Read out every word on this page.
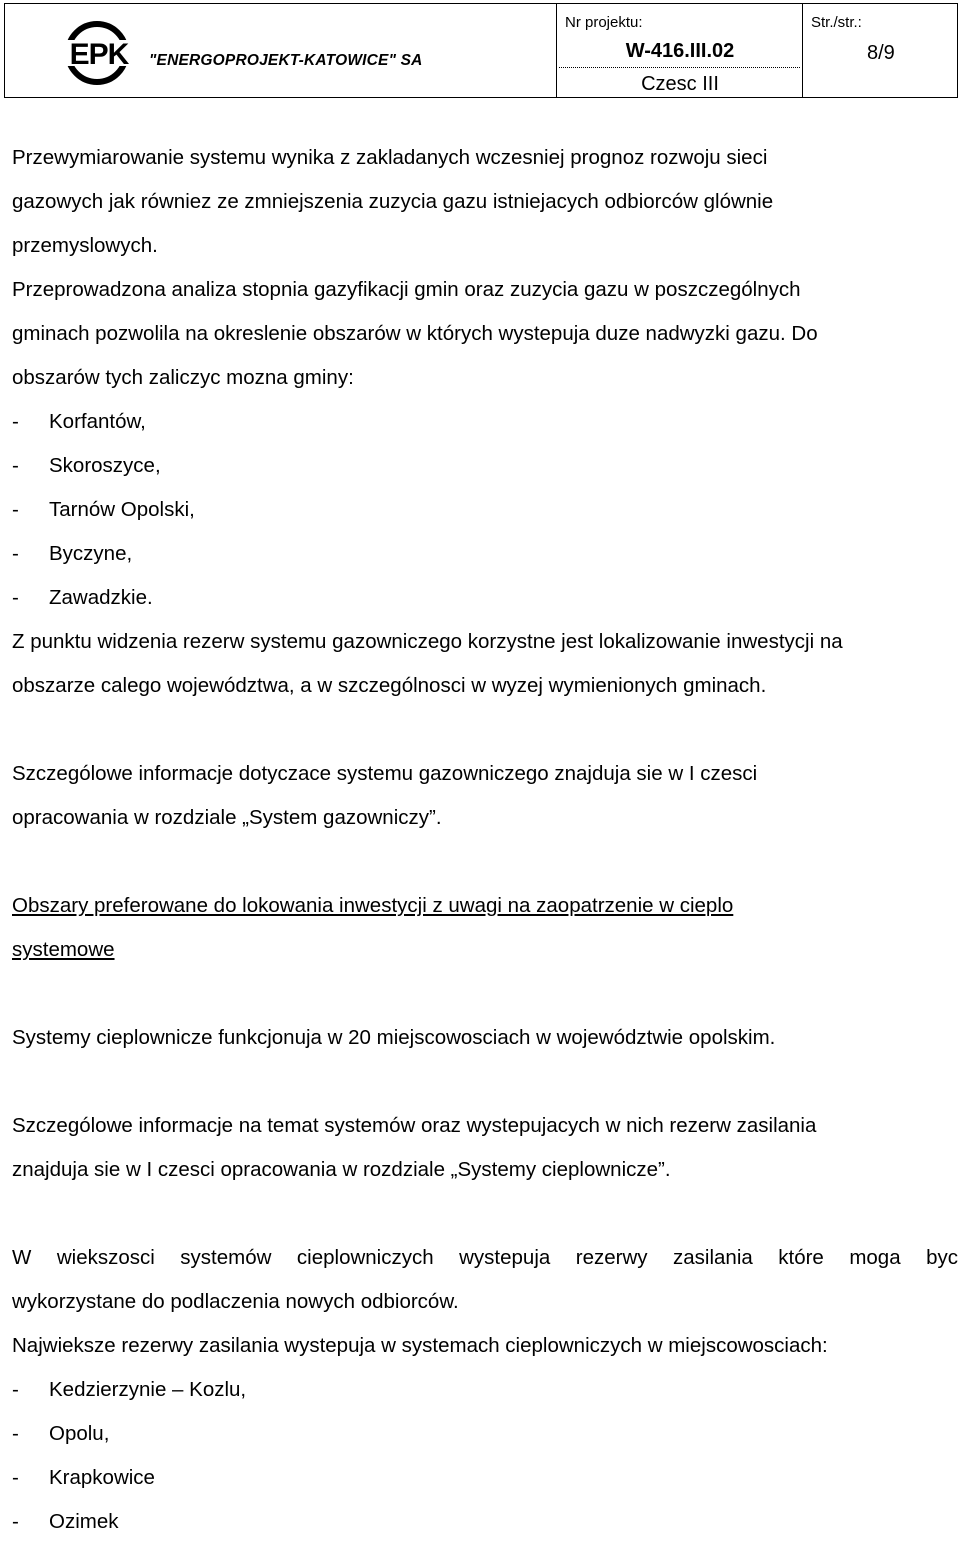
EPK "ENERGOPROJEKT-KATOWICE" SA
Nr projektu:
W-416.III.02
Czesc III
Str./str.:
8/9
Przewymiarowanie systemu wynika z zakladanych wczesniej prognoz rozwoju sieci
gazowych jak równiez ze zmniejszenia zuzycia gazu istniejacych odbiorców glównie
przemyslowych.
Przeprowadzona analiza stopnia gazyfikacji gmin oraz zuzycia gazu w poszczególnych
gminach pozwolila na okreslenie obszarów w których wystepuja duze nadwyzki gazu. Do
obszarów tych zaliczyc mozna gminy:
- Korfantów,
- Skoroszyce,
- Tarnów Opolski,
- Byczyne,
- Zawadzkie.
Z punktu widzenia rezerw systemu gazowniczego korzystne jest lokalizowanie inwestycji na
obszarze calego województwa, a w szczególnosci w wyzej wymienionych gminach.
Szczególowe informacje dotyczace systemu gazowniczego znajduja sie w I czesci
opracowania w rozdziale „System gazowniczy”.
Obszary preferowane do lokowania inwestycji z uwagi na zaopatrzenie w cieplo
systemowe
Systemy cieplownicze funkcjonuja w 20 miejscowosciach w województwie opolskim.
Szczególowe informacje na temat systemów oraz wystepujacych w nich rezerw zasilania
znajduja sie w I czesci opracowania w rozdziale „Systemy cieplownicze”.
W wiekszosci systemów cieplowniczych wystepuja rezerwy zasilania które moga byc
wykorzystane do podlaczenia nowych odbiorców.
Najwieksze rezerwy zasilania wystepuja w systemach cieplowniczych w miejscowosciach:
- Kedzierzynie – Kozlu,
- Opolu,
- Krapkowice
- Ozimek
